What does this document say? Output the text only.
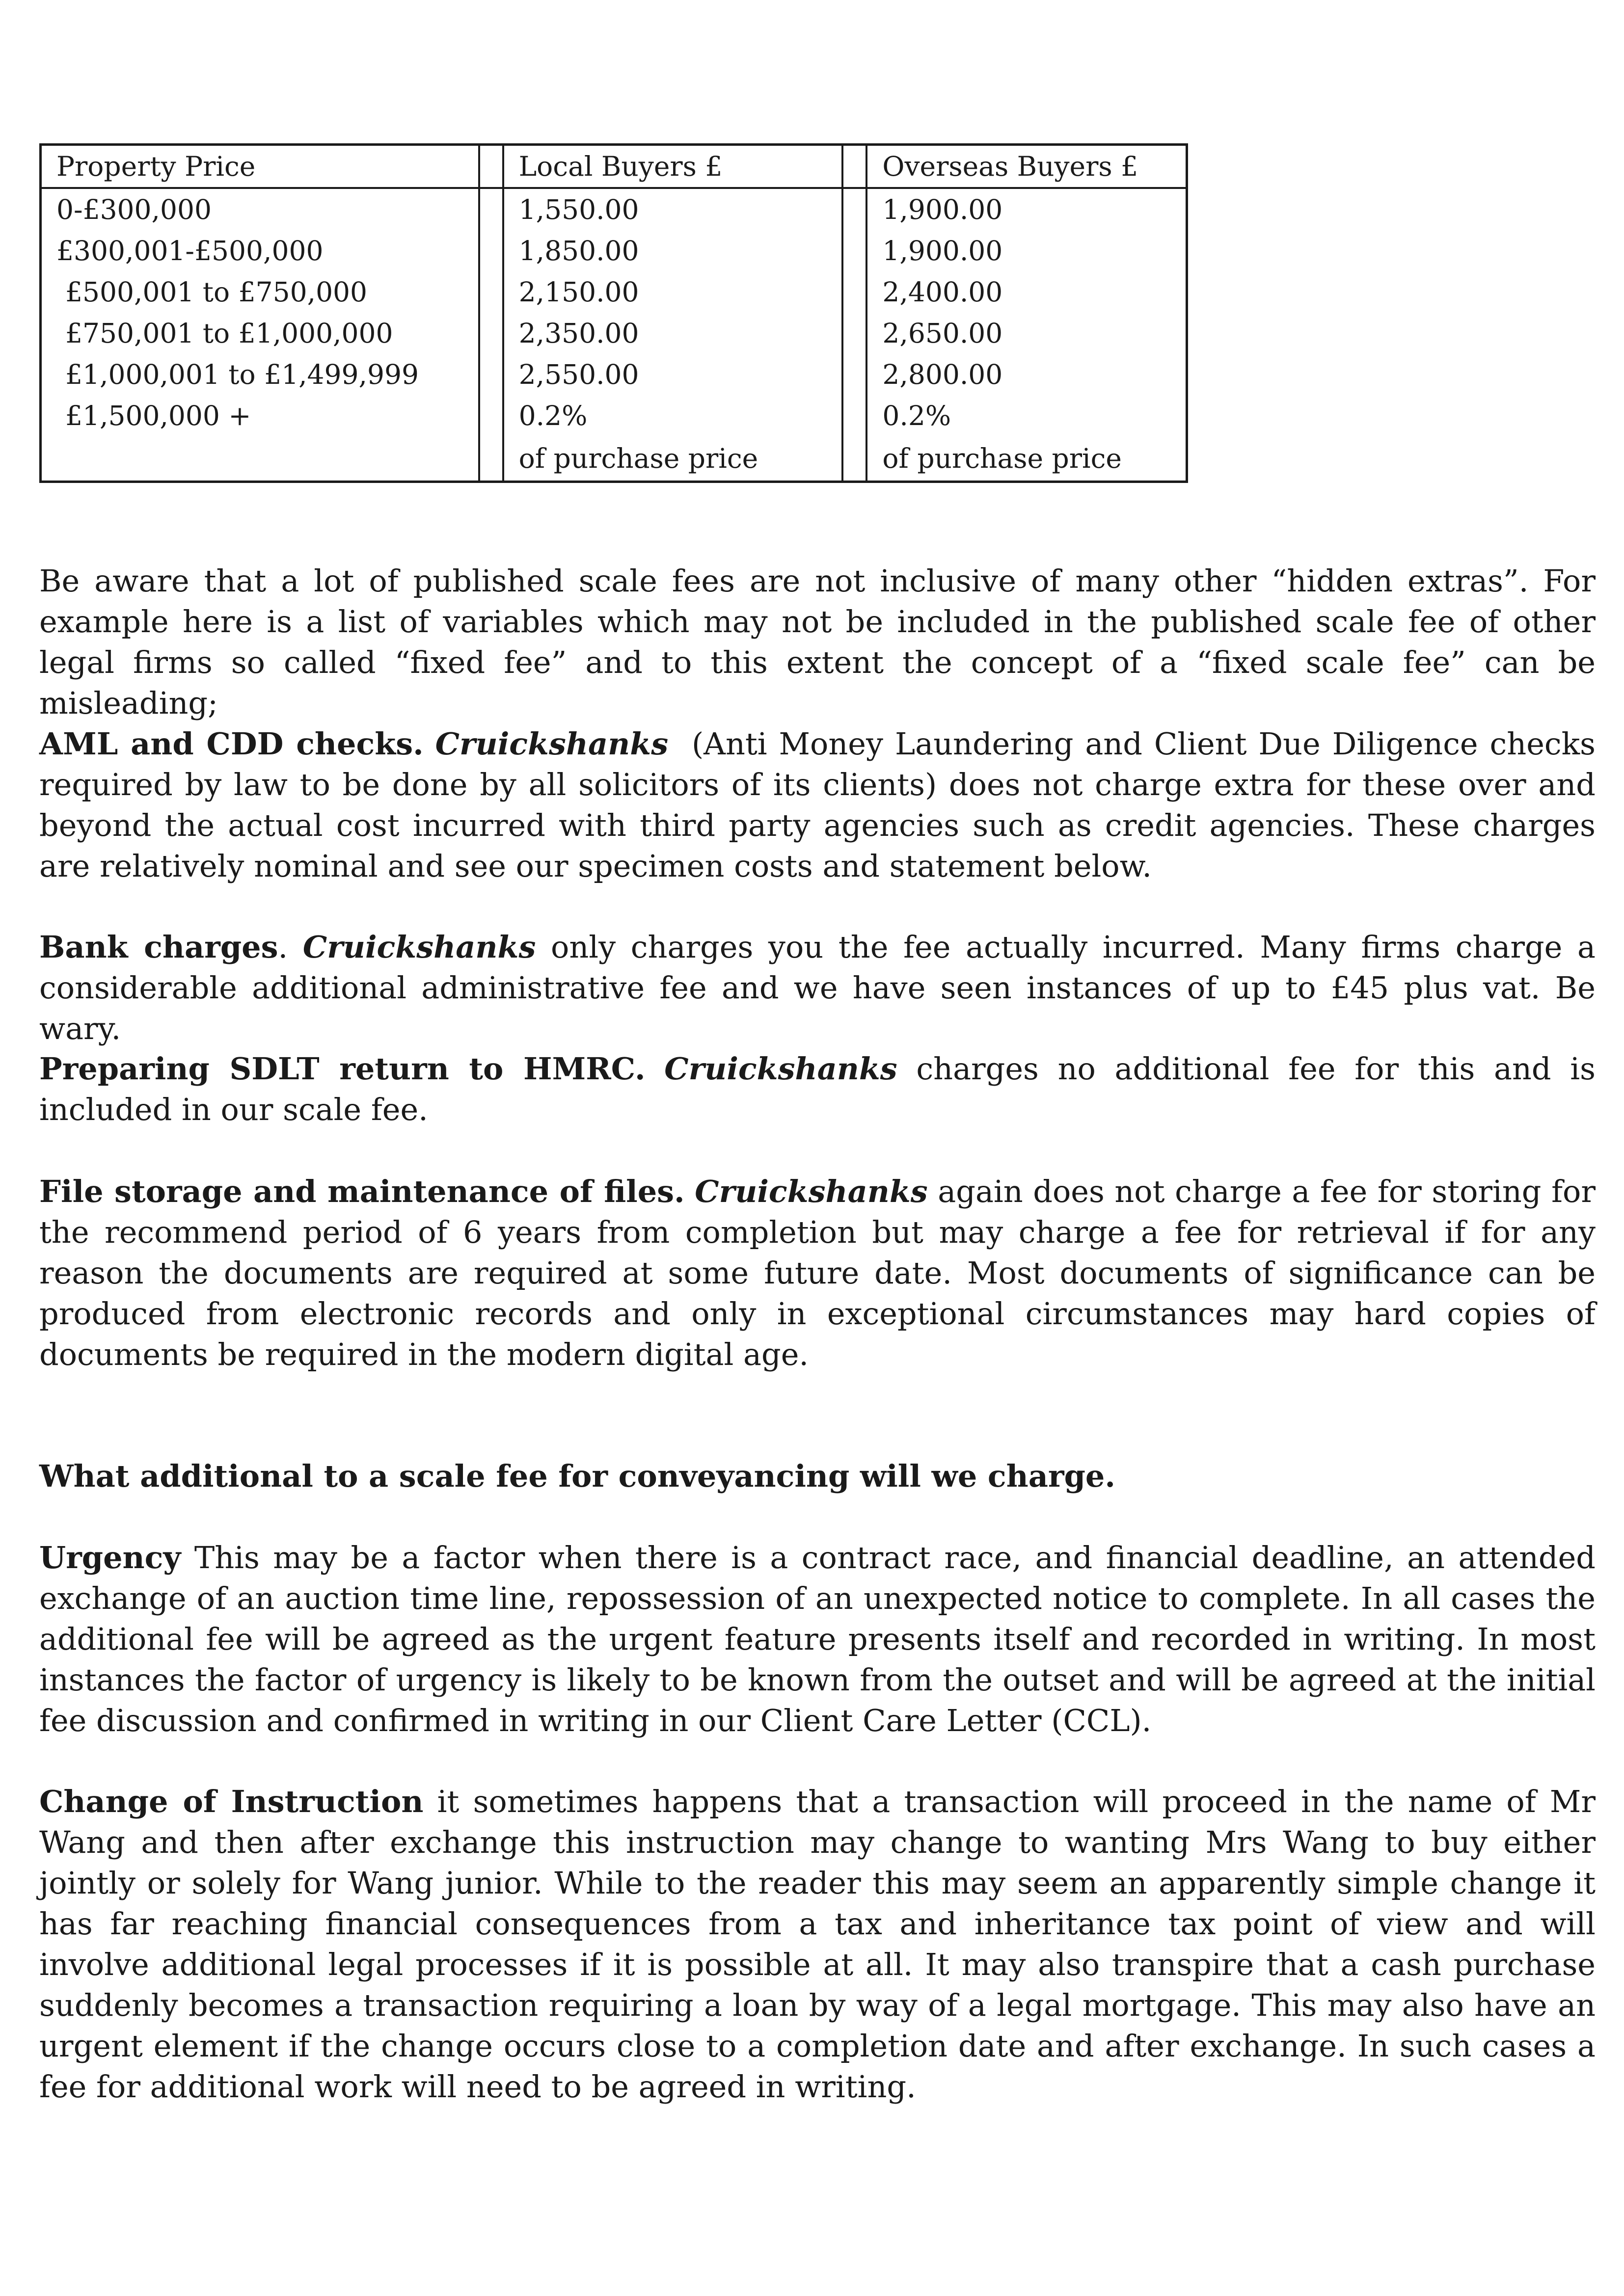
Property Price		Local Buyers £		Overseas Buyers £
0-£300,000		1,550.00		1,900.00
£300,001-£500,000		1,850.00		1,900.00
£500,001 to £750,000		2,150.00		2,400.00
£750,001 to £1,000,000		2,350.00		2,650.00
£1,000,001 to £1,499,999		2,550.00		2,800.00
£1,500,000 +		0.2%		0.2%
		of purchase price		of purchase price

Be aware that a lot of published scale fees are not inclusive of many other “hidden extras”. For example here is a list of variables which may not be included in the published scale fee of other legal firms so called “fixed fee” and to this extent the concept of a “fixed scale fee” can be misleading;

AML and CDD checks. Cruickshanks (Anti Money Laundering and Client Due Diligence checks required by law to be done by all solicitors of its clients) does not charge extra for these over and beyond the actual cost incurred with third party agencies such as credit agencies. These charges are relatively nominal and see our specimen costs and statement below.

Bank charges. Cruickshanks only charges you the fee actually incurred. Many firms charge a considerable additional administrative fee and we have seen instances of up to £45 plus vat. Be wary.

Preparing SDLT return to HMRC. Cruickshanks charges no additional fee for this and is included in our scale fee.

File storage and maintenance of files. Cruickshanks again does not charge a fee for storing for the recommend period of 6 years from completion but may charge a fee for retrieval if for any reason the documents are required at some future date. Most documents of significance can be produced from electronic records and only in exceptional circumstances may hard copies of documents be required in the modern digital age.

What additional to a scale fee for conveyancing will we charge.

Urgency This may be a factor when there is a contract race, and financial deadline, an attended exchange of an auction time line, repossession of an unexpected notice to complete. In all cases the additional fee will be agreed as the urgent feature presents itself and recorded in writing. In most instances the factor of urgency is likely to be known from the outset and will be agreed at the initial fee discussion and confirmed in writing in our Client Care Letter (CCL).

Change of Instruction it sometimes happens that a transaction will proceed in the name of Mr Wang and then after exchange this instruction may change to wanting Mrs Wang to buy either jointly or solely for Wang junior. While to the reader this may seem an apparently simple change it has far reaching financial consequences from a tax and inheritance tax point of view and will involve additional legal processes if it is possible at all. It may also transpire that a cash purchase suddenly becomes a transaction requiring a loan by way of a legal mortgage. This may also have an urgent element if the change occurs close to a completion date and after exchange. In such cases a fee for additional work will need to be agreed in writing.
